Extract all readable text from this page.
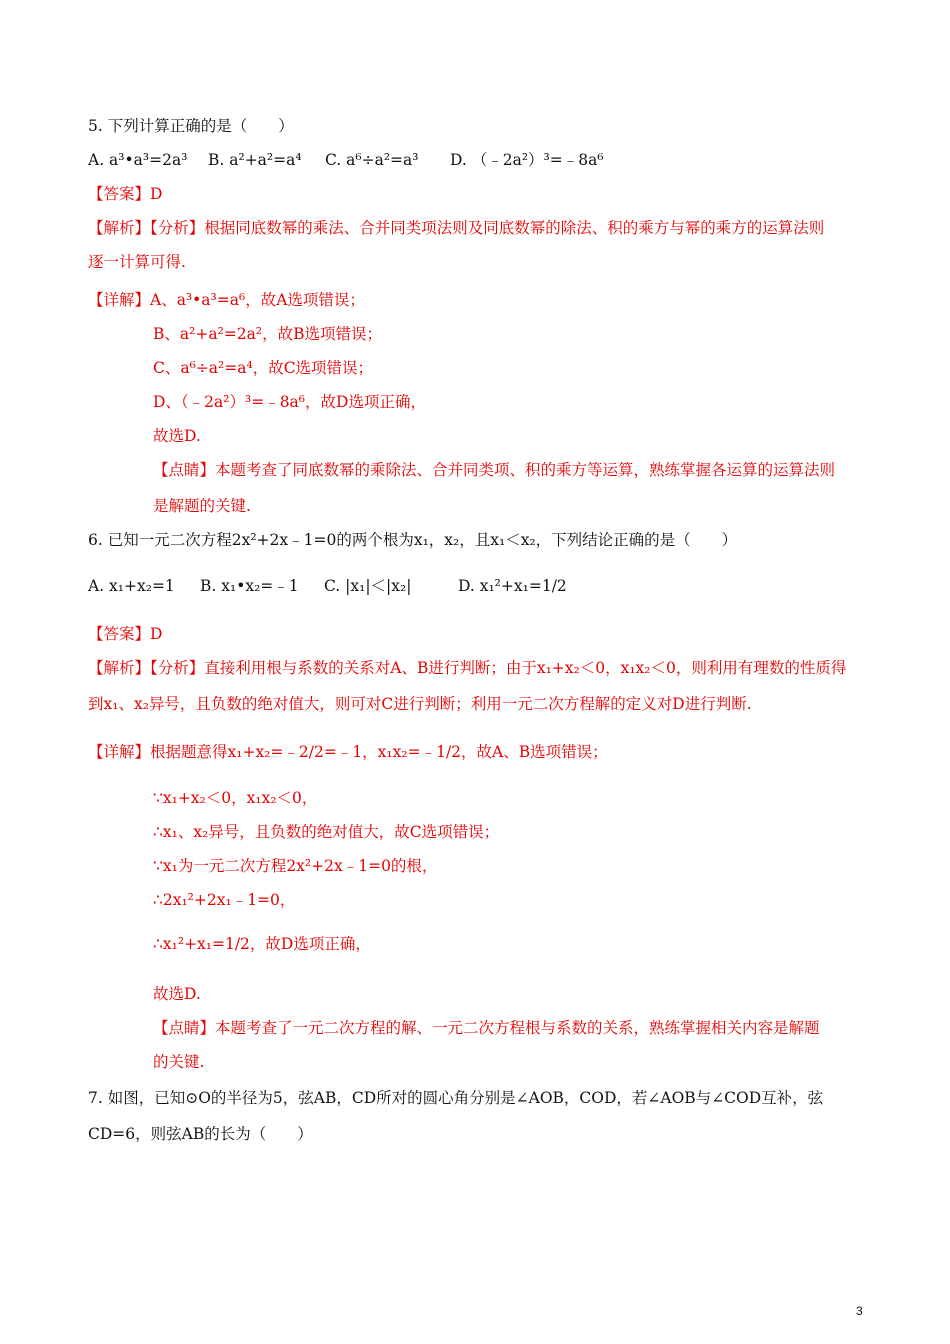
5. 下列计算正确的是（　　）
A. a³•a³=2a³ B. a²+a²=a⁴ C. a⁶÷a²=a³ D. （﹣2a²）³=﹣8a⁶
【答案】D
【解析】【分析】根据同底数幂的乘法、合并同类项法则及同底数幂的除法、积的乘方与幂的乘方的运算法则
逐一计算可得.
【详解】A、a³•a³=a⁶，故A选项错误；
B、a²+a²=2a²，故B选项错误；
C、a⁶÷a²=a⁴，故C选项错误；
D、（﹣2a²）³=﹣8a⁶，故D选项正确，
故选D.
【点睛】本题考查了同底数幂的乘除法、合并同类项、积的乘方等运算，熟练掌握各运算的运算法则
是解题的关键.
6. 已知一元二次方程2x²+2x﹣1=0的两个根为x₁，x₂，且x₁＜x₂，下列结论正确的是（　　）
A. x₁+x₂=1 B. x₁•x₂=﹣1 C. |x₁|＜|x₂|	D. x₁²+x₁=1/2
【答案】D
【解析】【分析】直接利用根与系数的关系对A、B进行判断；由于x₁+x₂＜0，x₁x₂＜0，则利用有理数的性质得
到x₁、x₂异号，且负数的绝对值大，则可对C进行判断；利用一元二次方程解的定义对D进行判断.
【详解】根据题意得x₁+x₂=﹣2/2=﹣1，x₁x₂=﹣1/2，故A、B选项错误；
∵x₁+x₂＜0，x₁x₂＜0，
∴x₁、x₂异号，且负数的绝对值大，故C选项错误；
∵x₁为一元二次方程2x²+2x﹣1=0的根，
∴2x₁²+2x₁﹣1=0，
∴x₁²+x₁=1/2，故D选项正确，
故选D.
【点睛】本题考查了一元二次方程的解、一元二次方程根与系数的关系，熟练掌握相关内容是解题
的关键.
7. 如图，已知⊙O的半径为5，弦AB，CD所对的圆心角分别是∠AOB，COD，若∠AOB与∠COD互补，弦
CD=6，则弦AB的长为（　　）
3
